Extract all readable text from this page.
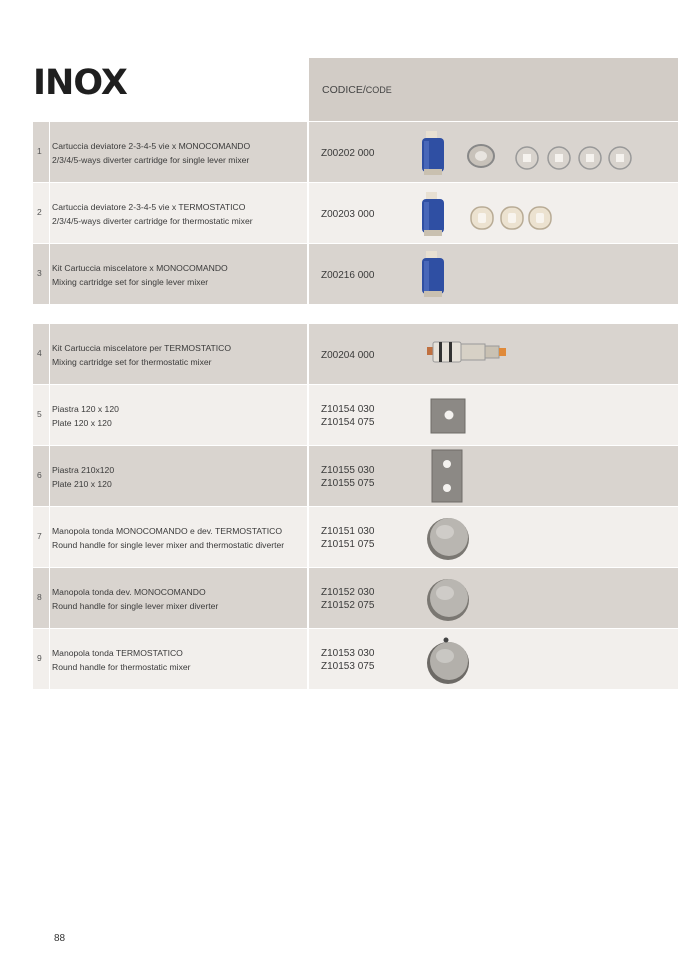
INOX	CODICE/CODE
1 Cartuccia deviatore 2-3-4-5 vie x MONOCOMANDO
2/3/4/5-ways diverter cartridge for single lever mixer
Z00202 000
2 Cartuccia deviatore 2-3-4-5 vie x TERMOSTATICO
2/3/4/5-ways diverter cartridge for thermostatic mixer
Z00203 000
3 Kit Cartuccia miscelatore x MONOCOMANDO
Mixing cartridge set for single lever mixer
Z00216 000
4 Kit Cartuccia miscelatore per TERMOSTATICO
Mixing cartridge set for thermostatic mixer
Z00204 000
5 Piastra 120 x 120
Plate 120 x 120
Z10154 030
Z10154 075
6 Piastra 210x120
Plate 210 x 120
Z10155 030
Z10155 075
7 Manopola tonda MONOCOMANDO e dev. TERMOSTATICO
Round handle for single lever mixer and thermostatic diverter
Z10151 030
Z10151 075
8 Manopola tonda dev. MONOCOMANDO
Round handle for single lever mixer diverter
Z10152 030
Z10152 075
9 Manopola tonda TERMOSTATICO
Round handle for thermostatic mixer
Z10153 030
Z10153 075
88
